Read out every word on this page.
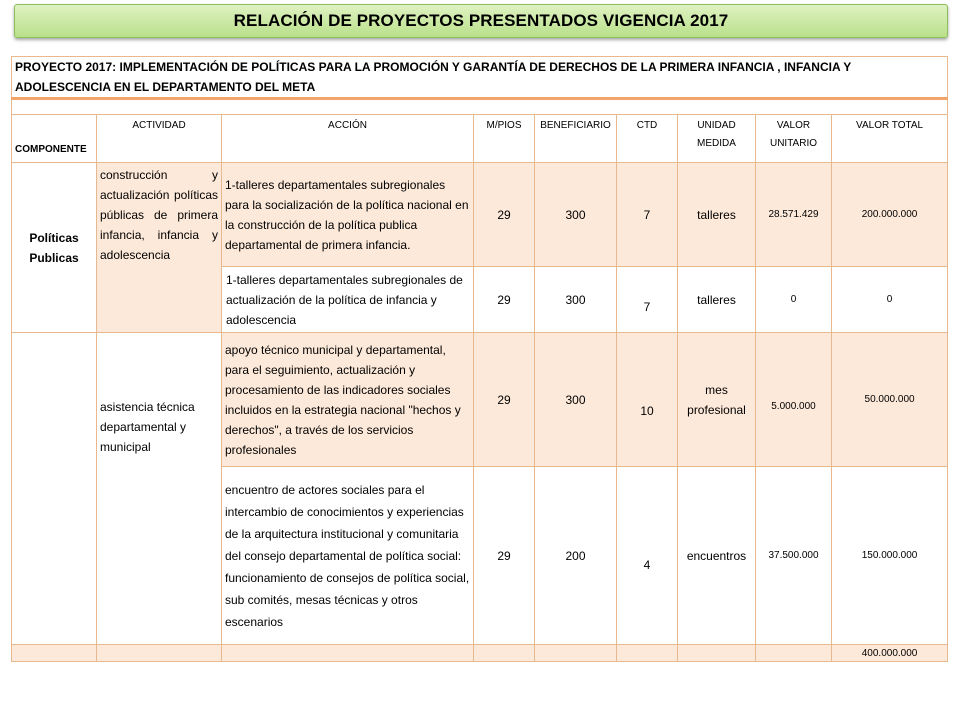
RELACIÓN DE PROYECTOS PRESENTADOS VIGENCIA 2017
PROYECTO 2017: IMPLEMENTACIÓN DE POLÍTICAS PARA LA PROMOCIÓN Y GARANTÍA DE DERECHOS DE LA PRIMERA INFANCIA , INFANCIA Y ADOLESCENCIA EN EL DEPARTAMENTO DEL META								

COMPONENTE	ACTIVIDAD	ACCIÓN	M/PIOS	BENEFICIARIO	CTD	UNIDAD MEDIDA	VALOR UNITARIO	VALOR TOTAL
Políticas Publicas	construcción y actualización políticas públicas de primera infancia, infancia y adolescencia	1-talleres departamentales subregionales para la socialización de la política nacional en la construcción de la política publica departamental de primera infancia.	29	300	7	talleres	28.571.429	200.000.000
		1-talleres departamentales subregionales de actualización de la política de infancia y adolescencia	29	300	7	talleres	0	0
	asistencia técnica departamental y municipal	apoyo técnico municipal y departamental, para el seguimiento, actualización y procesamiento de las indicadores sociales incluidos en la estrategia nacional "hechos y derechos", a través de los servicios profesionales	29	300	10	mes profesional	5.000.000	50.000.000
		encuentro de actores sociales para el intercambio de conocimientos y experiencias de la arquitectura institucional y comunitaria del consejo departamental de política social: funcionamiento de consejos de política social, sub comités, mesas técnicas y otros escenarios	29	200	4	encuentros	37.500.000	150.000.000
								400.000.000
